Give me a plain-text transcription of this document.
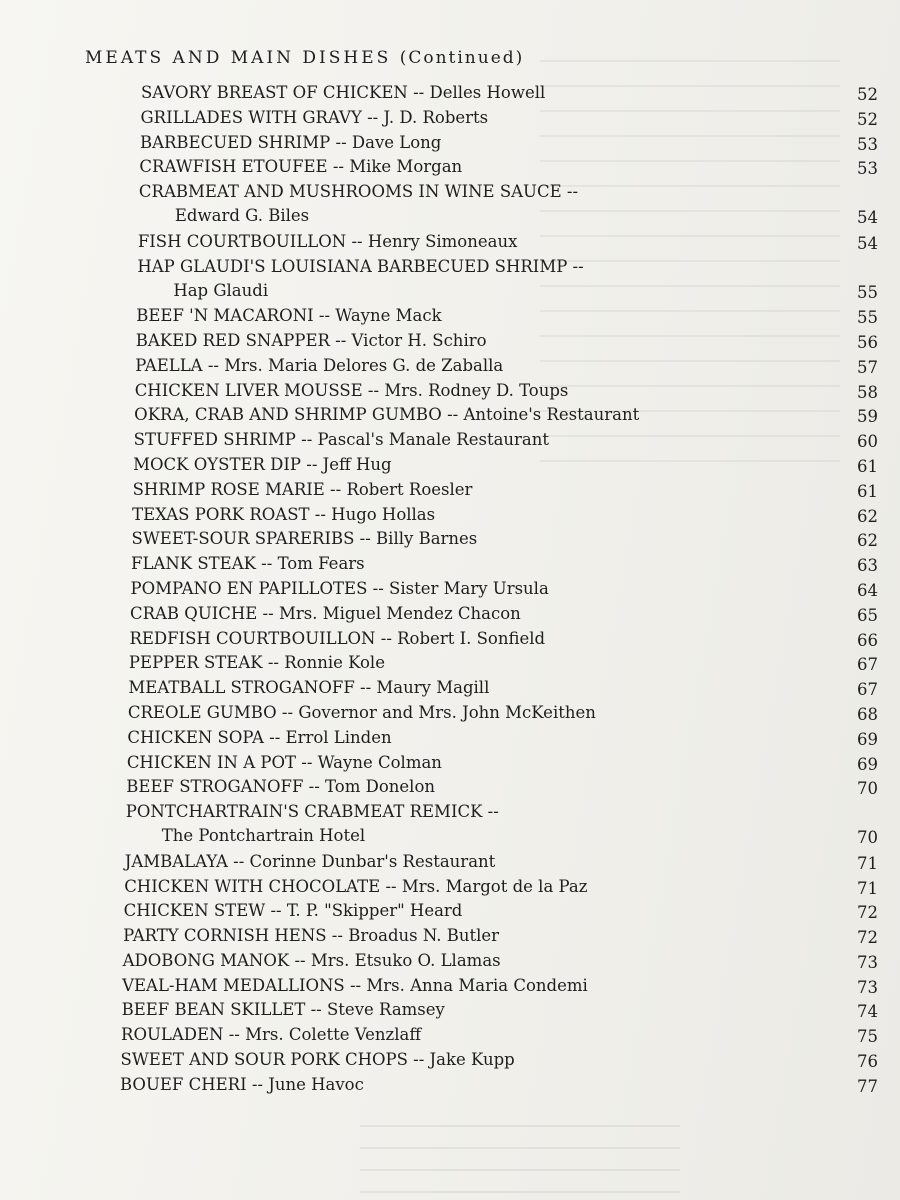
MEATS AND MAIN DISHES (Continued)
SAVORY BREAST OF CHICKEN -- Delles Howell	52
GRILLADES WITH GRAVY -- J. D. Roberts	52
BARBECUED SHRIMP -- Dave Long	53
CRAWFISH ETOUFEE -- Mike Morgan	53
CRABMEAT AND MUSHROOMS IN WINE SAUCE --
Edward G. Biles	54
FISH COURTBOUILLON -- Henry Simoneaux	54
HAP GLAUDI'S LOUISIANA BARBECUED SHRIMP --
Hap Glaudi	55
BEEF 'N MACARONI -- Wayne Mack	55
BAKED RED SNAPPER -- Victor H. Schiro	56
PAELLA -- Mrs. Maria Delores G. de Zaballa	57
CHICKEN LIVER MOUSSE -- Mrs. Rodney D. Toups	58
OKRA, CRAB AND SHRIMP GUMBO -- Antoine's Restaurant	59
STUFFED SHRIMP -- Pascal's Manale Restaurant	60
MOCK OYSTER DIP -- Jeff Hug	61
SHRIMP ROSE MARIE -- Robert Roesler	61
TEXAS PORK ROAST -- Hugo Hollas	62
SWEET-SOUR SPARERIBS -- Billy Barnes	62
FLANK STEAK -- Tom Fears	63
POMPANO EN PAPILLOTES -- Sister Mary Ursula	64
CRAB QUICHE -- Mrs. Miguel Mendez Chacon	65
REDFISH COURTBOUILLON -- Robert I. Sonfield	66
PEPPER STEAK -- Ronnie Kole	67
MEATBALL STROGANOFF -- Maury Magill	67
CREOLE GUMBO -- Governor and Mrs. John McKeithen	68
CHICKEN SOPA -- Errol Linden	69
CHICKEN IN A POT -- Wayne Colman	69
BEEF STROGANOFF -- Tom Donelon	70
PONTCHARTRAIN'S CRABMEAT REMICK --
The Pontchartrain Hotel	70
JAMBALAYA -- Corinne Dunbar's Restaurant	71
CHICKEN WITH CHOCOLATE -- Mrs. Margot de la Paz	71
CHICKEN STEW -- T. P. "Skipper" Heard	72
PARTY CORNISH HENS -- Broadus N. Butler	72
ADOBONG MANOK -- Mrs. Etsuko O. Llamas	73
VEAL-HAM MEDALLIONS -- Mrs. Anna Maria Condemi	73
BEEF BEAN SKILLET -- Steve Ramsey	74
ROULADEN -- Mrs. Colette Venzlaff	75
SWEET AND SOUR PORK CHOPS -- Jake Kupp	76
BOUEF CHERI -- June Havoc	77
